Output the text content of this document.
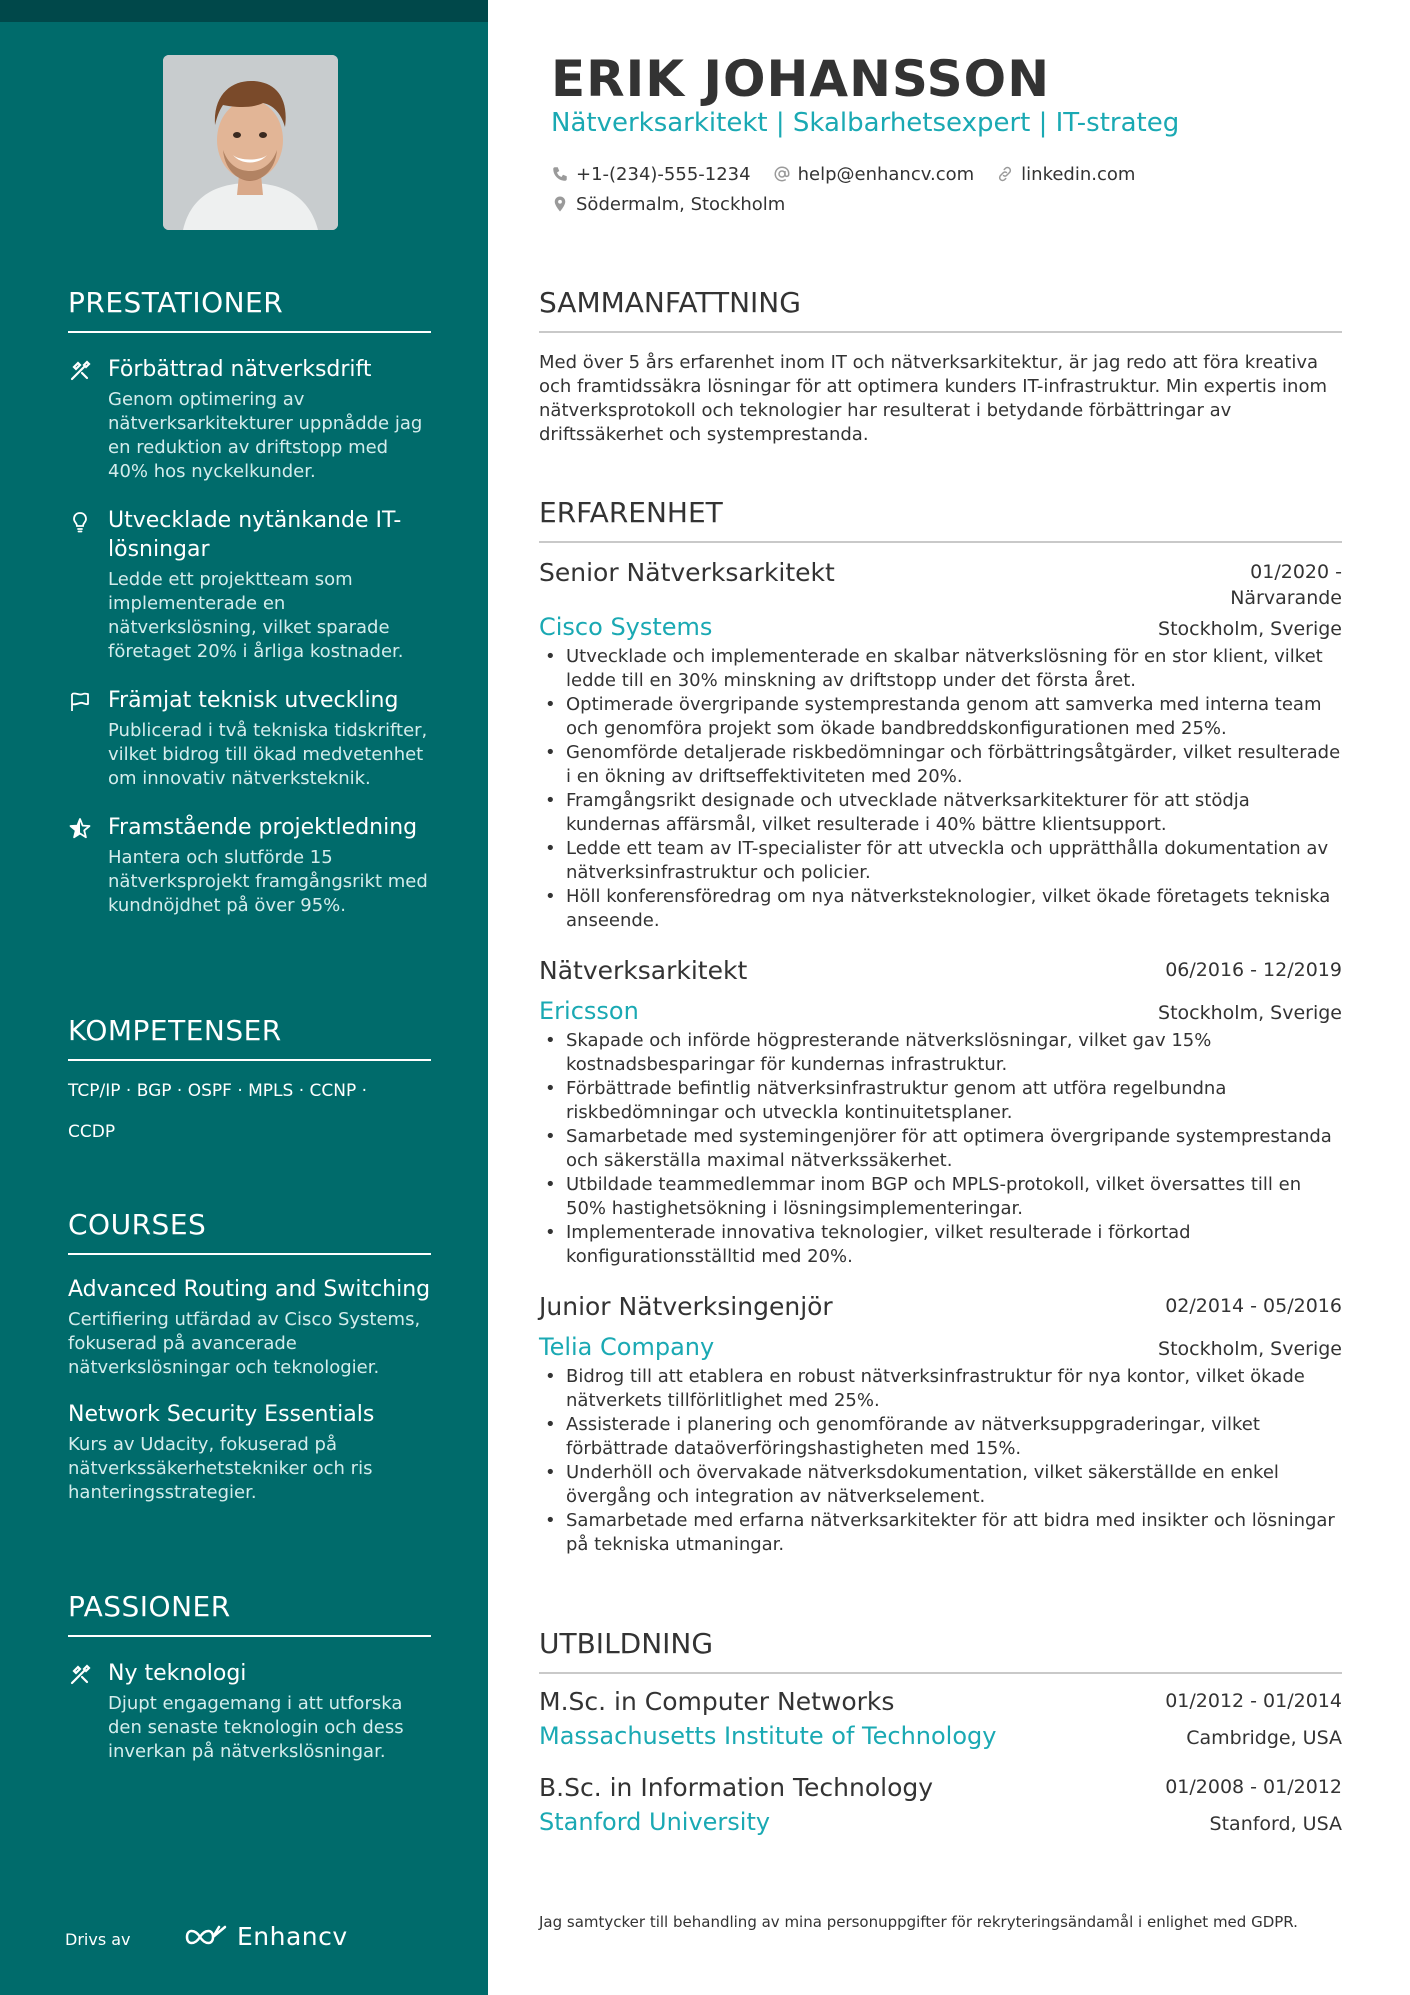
PRESTATIONER
Förbättrad nätverksdrift
Genom optimering av nätverksarkitekturer uppnådde jag en reduktion av driftstopp med 40% hos nyckelkunder.
Utvecklade nytänkande IT-lösningar
Ledde ett projektteam som implementerade en nätverkslösning, vilket sparade företaget 20% i årliga kostnader.
Främjat teknisk utveckling
Publicerad i två tekniska tidskrifter, vilket bidrog till ökad medvetenhet om innovativ nätverksteknik.
Framstående projektledning
Hantera och slutförde 15 nätverksprojekt framgångsrikt med kundnöjdhet på över 95%.
KOMPETENSER
TCP/IP · BGP · OSPF · MPLS · CCNP ·
CCDP
COURSES
Advanced Routing and Switching
Certifiering utfärdad av Cisco Systems, fokuserad på avancerade nätverkslösningar och teknologier.
Network Security Essentials
Kurs av Udacity, fokuserad på nätverkssäkerhetstekniker och ris hanteringsstrategier.
PASSIONER
Ny teknologi
Djupt engagemang i att utforska den senaste teknologin och dess inverkan på nätverkslösningar.
Drivs av	Enhancv
ERIK JOHANSSON
Nätverksarkitekt | Skalbarhetsexpert | IT-strateg
+1-(234)-555-1234	help@enhancv.com	linkedin.com
Södermalm, Stockholm
SAMMANFATTNING
Med över 5 års erfarenhet inom IT och nätverksarkitektur, är jag redo att föra kreativa och framtidssäkra lösningar för att optimera kunders IT-infrastruktur. Min expertis inom nätverksprotokoll och teknologier har resulterat i betydande förbättringar av driftssäkerhet och systemprestanda.
ERFARENHET
Senior Nätverksarkitekt	01/2020 - Närvarande
Cisco Systems	Stockholm, Sverige
• Utvecklade och implementerade en skalbar nätverkslösning för en stor klient, vilket ledde till en 30% minskning av driftstopp under det första året.
• Optimerade övergripande systemprestanda genom att samverka med interna team och genomföra projekt som ökade bandbreddskonfigurationen med 25%.
• Genomförde detaljerade riskbedömningar och förbättringsåtgärder, vilket resulterade i en ökning av driftseffektiviteten med 20%.
• Framgångsrikt designade och utvecklade nätverksarkitekturer för att stödja kundernas affärsmål, vilket resulterade i 40% bättre klientsupport.
• Ledde ett team av IT-specialister för att utveckla och upprätthålla dokumentation av nätverksinfrastruktur och policier.
• Höll konferensföredrag om nya nätverksteknologier, vilket ökade företagets tekniska anseende.
Nätverksarkitekt	06/2016 - 12/2019
Ericsson	Stockholm, Sverige
• Skapade och införde högpresterande nätverkslösningar, vilket gav 15% kostnadsbesparingar för kundernas infrastruktur.
• Förbättrade befintlig nätverksinfrastruktur genom att utföra regelbundna riskbedömningar och utveckla kontinuitetsplaner.
• Samarbetade med systemingenjörer för att optimera övergripande systemprestanda och säkerställa maximal nätverkssäkerhet.
• Utbildade teammedlemmar inom BGP och MPLS-protokoll, vilket översattes till en 50% hastighetsökning i lösningsimplementeringar.
• Implementerade innovativa teknologier, vilket resulterade i förkortad konfigurationsställtid med 20%.
Junior Nätverksingenjör	02/2014 - 05/2016
Telia Company	Stockholm, Sverige
• Bidrog till att etablera en robust nätverksinfrastruktur för nya kontor, vilket ökade nätverkets tillförlitlighet med 25%.
• Assisterade i planering och genomförande av nätverksuppgraderingar, vilket förbättrade dataöverföringshastigheten med 15%.
• Underhöll och övervakade nätverksdokumentation, vilket säkerställde en enkel övergång och integration av nätverkselement.
• Samarbetade med erfarna nätverksarkitekter för att bidra med insikter och lösningar på tekniska utmaningar.
UTBILDNING
M.Sc. in Computer Networks	01/2012 - 01/2014
Massachusetts Institute of Technology	Cambridge, USA
B.Sc. in Information Technology	01/2008 - 01/2012
Stanford University	Stanford, USA
Jag samtycker till behandling av mina personuppgifter för rekryteringsändamål i enlighet med GDPR.
